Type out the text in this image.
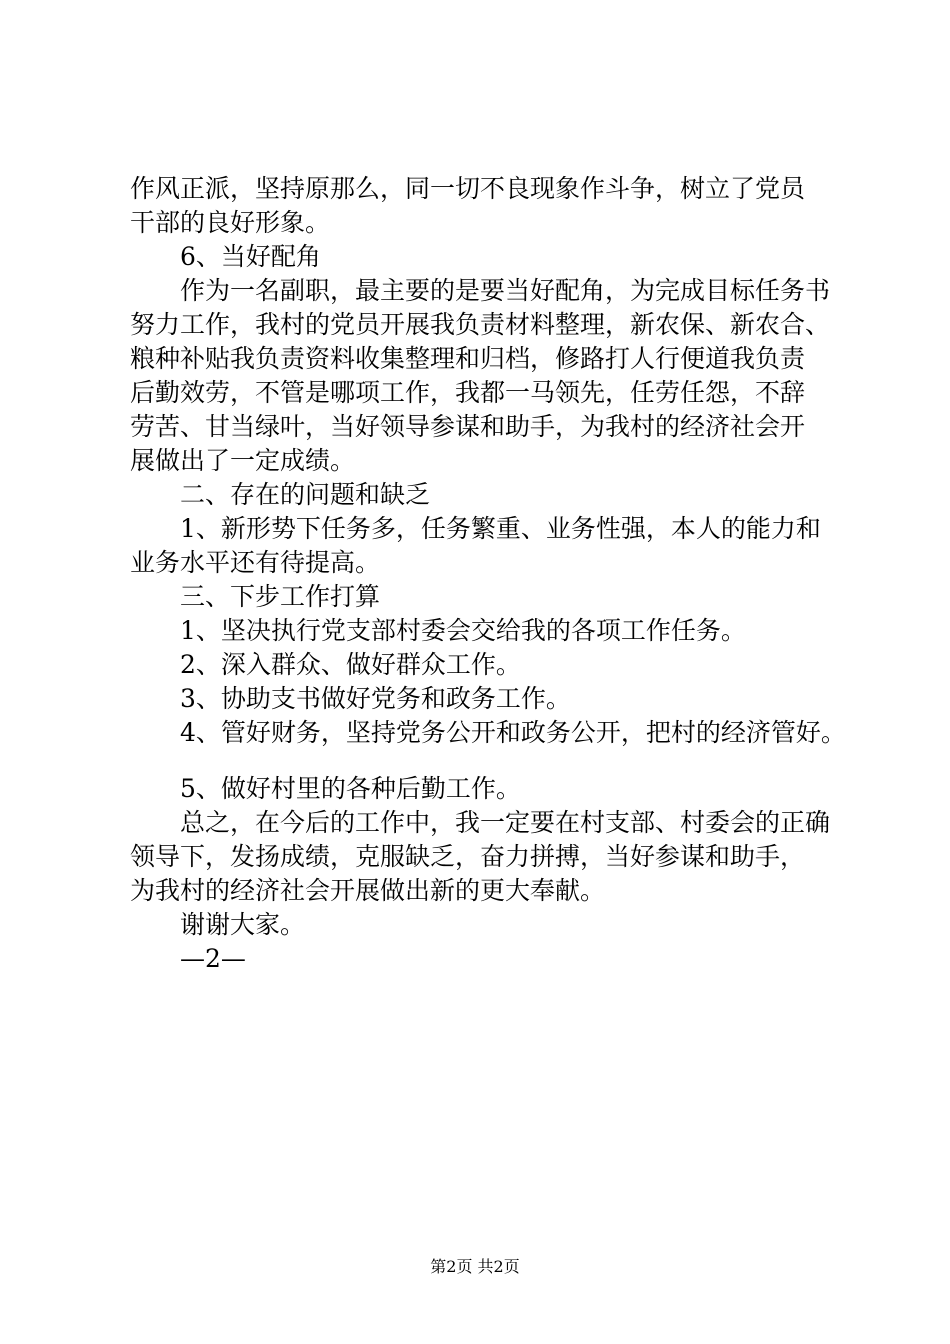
作风正派，坚持原那么，同一切不良现象作斗争，树立了党员

干部的良好形象。

6、当好配角

作为一名副职，最主要的是要当好配角，为完成目标任务书

努力工作，我村的党员开展我负责材料整理，新农保、新农合、

粮种补贴我负责资料收集整理和归档，修路打人行便道我负责

后勤效劳，不管是哪项工作，我都一马领先，任劳任怨，不辞

劳苦、甘当绿叶，当好领导参谋和助手，为我村的经济社会开

展做出了一定成绩。

二、存在的问题和缺乏

1、新形势下任务多，任务繁重、业务性强，本人的能力和

业务水平还有待提高。

三、下步工作打算

1、坚决执行党支部村委会交给我的各项工作任务。

2、深入群众、做好群众工作。

3、协助支书做好党务和政务工作。

4、管好财务，坚持党务公开和政务公开，把村的经济管好。

5、做好村里的各种后勤工作。

总之，在今后的工作中，我一定要在村支部、村委会的正确

领导下，发扬成绩，克服缺乏，奋力拼搏，当好参谋和助手，

为我村的经济社会开展做出新的更大奉献。

谢谢大家。

—2—

第2页 共2页
